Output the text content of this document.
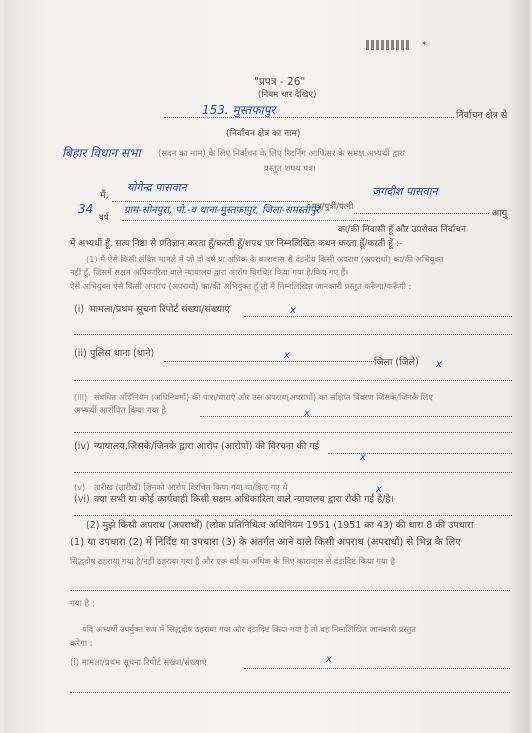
*
"प्रपत्र - 26"
(नियम चार देखिए)
153. मुस्तफापुर	निर्वाचन क्षेत्र से
(निर्वाचन क्षेत्र का नाम)
बिहार विधान सभा (सदन का नाम) के लिए निर्वाचन के लिए रिटर्निंग आफिसर के समक्ष अभ्यर्थी द्वारा
प्रस्तुत शपथ पत्र।
मैं,
योगेन्द्र पासवान	जगदीश पासवान
पुत्र/पुत्री/पत्नी
आयु
34
वर्ष
ग्राम-सोनपुरा, पो.-व थाना-मुस्तफापुर, जिला-समस्तीपुर
का/की निवासी हूँ और उपरोक्त निर्वाचन
में अभ्यर्थी हूँ, सत्य निष्ठा से प्रतिज्ञान करता हूँ/करती हूँ/शपथ पर निम्नलिखित कथन करता हूँ/करती हूँ :-
(1) मैं ऐसे किसी लंबित मामले में जो दो वर्ष या अधिक के कारावास से दंडनीय किसी अपराध (अपराधों) का/की अभियुक्त
नहीं हूँ, जिसमें सक्षम अधिकारिता वाले न्यायालय द्वारा आरोप विरचित किया गया है/किए गए हैं।
ऐसे अभियुक्त ऐसे किसी अपराध (अपराधों) का/की अभियुक्त हूँ तो मैं निम्नलिखित जानकारी प्रस्तुत करूँगा/करूँगी :
(i) मामला/प्रथम सूचना रिपोर्ट संख्या/संख्याएं	x
(ii) पुलिस थाना (थाने)	x
जिला (जिले) x
(iii) संबंधित अधिनियम (अधिनियमों) की धारा/धाराएं और उस अपराध(अपराधों) का संक्षिप्त विवरण जिसके/जिनके लिए
अभ्यर्थी आरोपित किया गया है	x
(iv) न्यायालय,जिसके/जिनके द्वारा आरोप (आरोपों) की विरचना की गई
x
(v) तारीख (तारीखें) जिनको आरोप विरचित किया गया था/किए गए थे	x
(vi) क्या सभी या कोई कार्यवाही किसी सक्षम अधिकारिता वाले न्यायालय द्वारा रोकी गई है/है।
(2) मुझे किसी अपराध (अपराधों) (लोक प्रतिनिधित्व अधिनियम 1951 (1951 का 43) की धारा 8 की उपधारा
(1) या उपधारा (2) में निर्दिष्ट या उपधारा (3) के अंतर्गत आने वाले किसी अपराध (अपराधों) से भिन्न के लिए
सिद्धदोष ठहराया गया है/नहीं ठहराया गया है और एक वर्ष या अधिक के लिए कारावास से दंडादिष्ट किया गया है
गया है :
यदि अभ्यर्थी उपर्युक्त रूप में सिद्धदोष ठहराया गया और दंडादिष्ट किया गया है तो वह निम्नलिखित जानकारी प्रस्तुत
करेगा :
(i) मामला/प्रथम सूचना रिपोर्ट संख्या/संख्याएं	x
